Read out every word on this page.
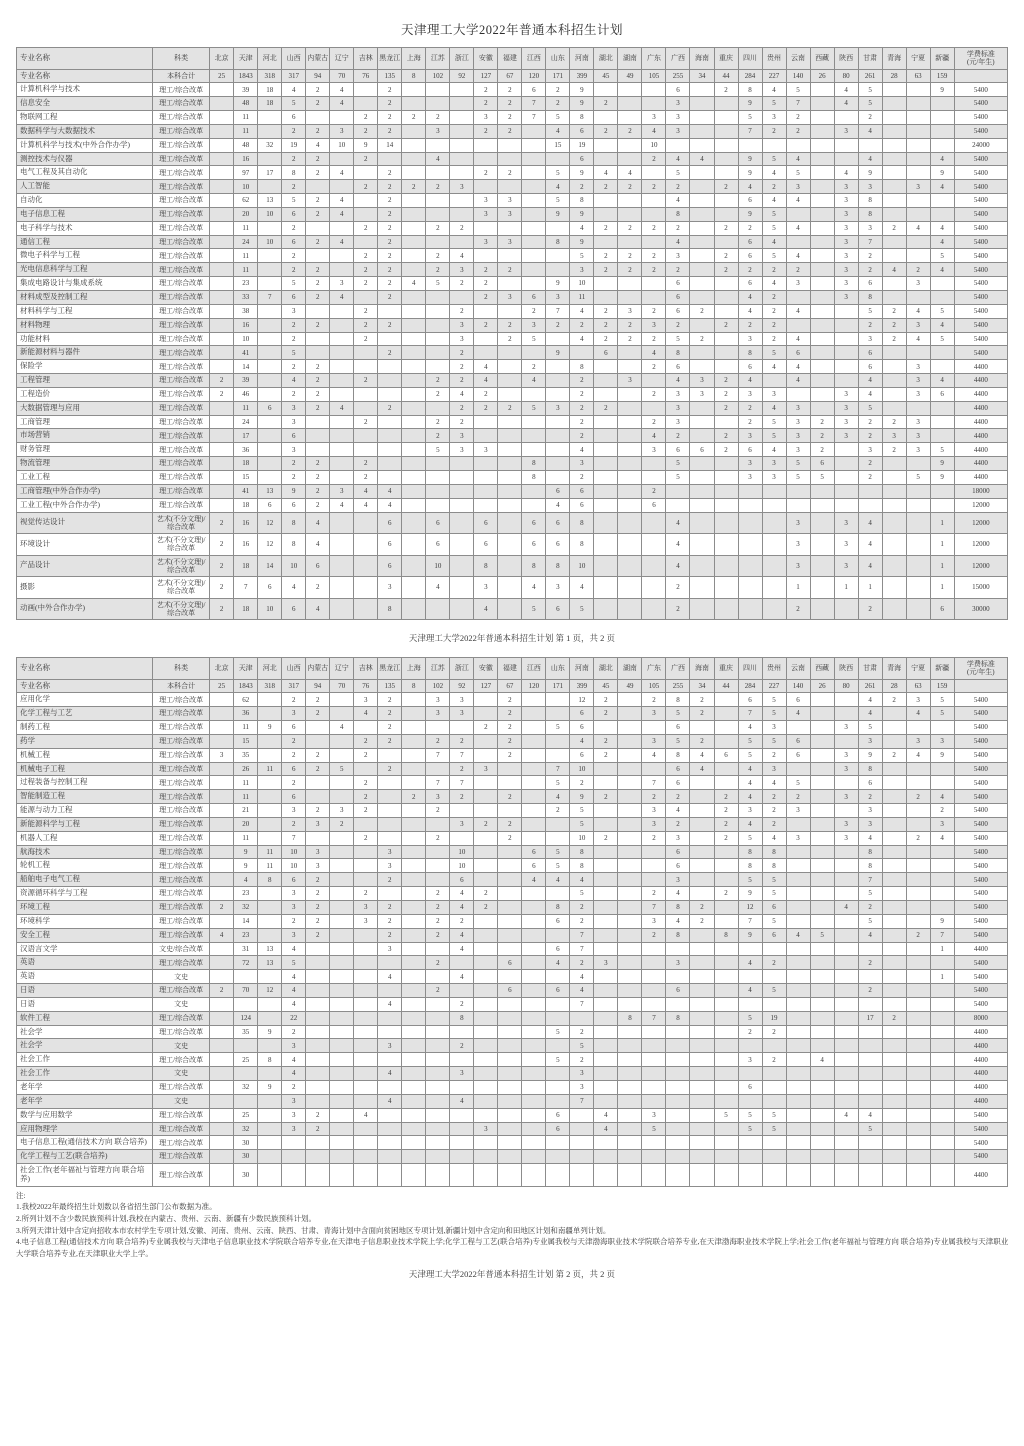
天津理工大学2022年普通本科招生计划
专业名称	科类	北京	天津	河北	山西	内蒙古	辽宁	吉林	黑龙江	上海	江苏	浙江	安徽	福建	江西	山东	河南	湖北	湖南	广东	广西	海南	重庆	四川	贵州	云南	西藏	陕西	甘肃	青海	宁夏	新疆	学费标准
(元/年生)

专业名称	本科合计	25	1843	318	317	94	70	76	135	8	102	92	127	67	120	171	399	45	49	105	255	34	44	284	227	140	26	80	261	28	63	159	
计算机科学与技术	理工/综合改革		39	18	4	2	4		2				2	2	6	2	9				6		2	8	4	5		4	5			9	5400
信息安全	理工/综合改革		48	18	5	2	4		2				2	2	7	2	9	2			3			9	5	7		4	5				5400
物联网工程	理工/综合改革		11		6			2	2	2	2		3	2	7	5	8			3	3			5	3	2			2				5400
数据科学与大数据技术	理工/综合改革		11		2	2	3	2	2		3		2	2		4	6	2	2	4	3			7	2	2		3	4				5400
计算机科学与技术(中外合作办学)	理工/综合改革		48	32	19	4	10	9	14							15	19			10													24000
测控技术与仪器	理工/综合改革		16		2	2		2			4						6			2	4	4		9	5	4			4			4	5400
电气工程及其自动化	理工/综合改革		97	17	8	2	4		2				2	2		5	9	4	4		5			9	4	5		4	9			9	5400
人工智能	理工/综合改革		10		2			2	2	2	2	3				4	2	2	2	2	2		2	4	2	3		3	3		3	4	5400
自动化	理工/综合改革		62	13	5	2	4		2				3	3		5	8				4			6	4	4		3	8				5400
电子信息工程	理工/综合改革		20	10	6	2	4		2				3	3		9	9				8			9	5			3	8				5400
电子科学与技术	理工/综合改革		11		2			2	2		2	2					4	2	2	2	2		2	2	5	4		3	3	2	4	4	5400
通信工程	理工/综合改革		24	10	6	2	4		2				3	3		8	9				4			6	4			3	7			4	5400
微电子科学与工程	理工/综合改革		11		2			2	2		2	4					5	2	2	2	3		2	6	5	4		3	2			5	5400
光电信息科学与工程	理工/综合改革		11		2	2		2	2		2	3	2	2			3	2	2	2	2		2	2	2	2		3	2	4	2	4	5400
集成电路设计与集成系统	理工/综合改革		23		5	2	3	2	2	4	5	2	2			9	10				6			6	4	3		3	6		3		5400
材料成型及控制工程	理工/综合改革		33	7	6	2	4		2				2	3	6	3	11				6			4	2			3	8				5400
材料科学与工程	理工/综合改革		38		3			2				2			2	7	4	2	3	2	6	2		4	2	4			5	2	4	5	5400
材料物理	理工/综合改革		16		2	2		2	2			3	2	2	3	2	2	2	2	3	2		2	2	2				2	2	3	4	5400
功能材料	理工/综合改革		10		2			2				3		2	5		4	2	2	2	5	2		3	2	4			3	2	4	5	5400
新能源材料与器件	理工/综合改革		41		5				2			2				9		6		4	8			8	5	6			6				5400
保险学	理工/综合改革		14		2	2						2	4		2		8			2	6			6	4	4			6		3		4400
工程管理	理工/综合改革	2	39		4	2		2			2	2	4		4		2		3		4	3	2	4		4			4		3	4	4400
工程造价	理工/综合改革	2	46		2	2					2	4	2				2			2	3	3	2	3	3			3	4		3	6	4400
大数据管理与应用	理工/综合改革		11	6	3	2	4		2			2	2	2	5	3	2	2			3		2	2	4	3		3	5				4400
工商管理	理工/综合改革		24		3			2			2	2					2			2	3			2	5	3	2	3	2	2	3		4400
市场营销	理工/综合改革		17		6						2	3					2			4	2		2	3	5	3	2	3	2	3	3		4400
财务管理	理工/综合改革		36		3						5	3	3				4			3	6	6	2	6	4	3	2		3	2	3	5	4400
物流管理	理工/综合改革		18		2	2		2							8		3				5			3	3	5	6		2			9	4400
工业工程	理工/综合改革		15		2	2		2							8		2				5			3	3	5	5		2		5	9	4400
工商管理(中外合作办学)	理工/综合改革		41	13	9	2	3	4	4							6	6			2													18000
工业工程(中外合作办学)	理工/综合改革		18	6	6	2	4	4	4							4	6			6													12000
视觉传达设计	艺术(不分文理)/综合改革	2	16	12	8	4			6		6		6		6	6	8				4					3		3	4			1	12000
环境设计	艺术(不分文理)/综合改革	2	16	12	8	4			6		6		6		6	6	8				4					3		3	4			1	12000
产品设计	艺术(不分文理)/综合改革	2	18	14	10	6			6		10		8		8	8	10				4					3		3	4			1	12000
摄影	艺术(不分文理)/综合改革	2	7	6	4	2			3		4		3		4	3	4				2					1		1	1			1	15000
动画(中外合作办学)	艺术(不分文理)/综合改革	2	18	10	6	4			8				4		5	6	5				2					2			2			6	30000
天津理工大学2022年普通本科招生计划 第 1 页，共 2 页
专业名称	科类	北京	天津	河北	山西	内蒙古	辽宁	吉林	黑龙江	上海	江苏	浙江	安徽	福建	江西	山东	河南	湖北	湖南	广东	广西	海南	重庆	四川	贵州	云南	西藏	陕西	甘肃	青海	宁夏	新疆	学费标准
(元/年生)

专业名称	本科合计	25	1843	318	317	94	70	76	135	8	102	92	127	67	120	171	399	45	49	105	255	34	44	284	227	140	26	80	261	28	63	159	
应用化学	理工/综合改革		62		2	2		3	2		3	3		2			12	2		2	8	2		6	5	6			4	2	3	5	5400
化学工程与工艺	理工/综合改革		36		3	2		4	2		3	3		2			6	2		3	5	2		7	5	4			4		4	5	5400
制药工程	理工/综合改革		11	9	6		4		2				2	2		5	6				6			4	3			3	5				5400
药学	理工/综合改革		15		2			2	2		2	2		2			4	2		3	5	2		5	5	6			3		3	3	5400
机械工程	理工/综合改革	3	35		2	2		2			7	7		2			6	2		4	8	4	6	5	2	6		3	9	2	4	9	5400
机械电子工程	理工/综合改革		26	11	6	2	5		2			2	3			7	10				6	4		4	3			3	8				5400
过程装备与控制工程	理工/综合改革		11		2			2			7	7				5	2			7	6			4	4	5			6				5400
智能制造工程	理工/综合改革		11		6			2		2	3	2		2		4	9	2		2	2		2	4	2	2		3	2		2	4	5400
能源与动力工程	理工/综合改革		21		3	2	3	2			2					2	5			3	4		2	3	2	3			3			2	5400
新能源科学与工程	理工/综合改革		20		2	3	2					3	2	2			5			3	2		2	4	2			3	3			3	5400
机器人工程	理工/综合改革		11		7			2			2			2			10	2		2	3		2	5	4	3		3	4		2	4	5400
航海技术	理工/综合改革		9	11	10	3			3			10			6	5	8				6			8	8				8				5400
轮机工程	理工/综合改革		9	11	10	3			3			10			6	5	8				6			8	8				8				5400
船舶电子电气工程	理工/综合改革		4	8	6	2			2			6			4	4	4				3			5	5				7				5400
资源循环科学与工程	理工/综合改革		23		3	2		2			2	4	2				5			2	4		2	9	5				5				5400
环境工程	理工/综合改革	2	32		3	2		3	2		2	4	2			8	2			7	8	2		12	6			4	2				5400
环境科学	理工/综合改革		14		2	2		3	2		2	2				6	2			3	4	2		7	5				5			9	5400
安全工程	理工/综合改革	4	23		3	2			2		2	4					7			2	8		8	9	6	4	5		4		2	7	5400
汉语言文学	文史/综合改革		31	13	4				3			4				6	7															1	4400
英语	理工/综合改革		72	13	5						2			6		4	2	3			3			4	2				2				5400
英语	文史				4				4			4					4															1	5400
日语	理工/综合改革	2	70	12	4						2			6		6	4				6			4	5				2				5400
日语	文史				4				4			2					7																5400
软件工程	理工/综合改革		124		22							8							8	7	8			5	19				17	2			8000
社会学	理工/综合改革		35	9	2											5	2							2	2								4400
社会学	文史				3				3			2					5																4400
社会工作	理工/综合改革		25	8	4											5	2							3	2		4						4400
社会工作	文史				4				4			3					3																4400
老年学	理工/综合改革		32	9	2												3							6									4400
老年学	文史				3				4			4					7																4400
数学与应用数学	理工/综合改革		25		3	2		4								6		4		3			5	5	5			4	4				5400
应用物理学	理工/综合改革		32		3	2							3			6		4		5				5	5				5				5400
电子信息工程(通信技术方向 联合培养)	理工/综合改革		30																														5400
化学工程与工艺(联合培养)	理工/综合改革		30																														5400
社会工作(老年福祉与管理方向 联合培养)	理工/综合改革		30																														4400
注:
1.我校2022年最终招生计划数以各省招生部门公布数据为准。
2.所列计划不含少数民族预科计划,我校在内蒙古、贵州、云南、新疆有少数民族预科计划。
3.所列天津计划中含定向招收本市农村学生专项计划,安徽、河南、贵州、云南、陕西、甘肃、青海计划中含面向贫困地区专项计划,新疆计划中含定向和田地区计划和南疆单列计划。
4.电子信息工程(通信技术方向 联合培养)专业属我校与天津电子信息职业技术学院联合培养专业,在天津电子信息职业技术学院上学;化学工程与工艺(联合培养)专业属我校与天津渤海职业技术学院联合培养专业,在天津渤海职业技术学院上学;社会工作(老年福祉与管理方向 联合培养)专业属我校与天津职业大学联合培养专业,在天津职业大学上学。
天津理工大学2022年普通本科招生计划 第 2 页，共 2 页
